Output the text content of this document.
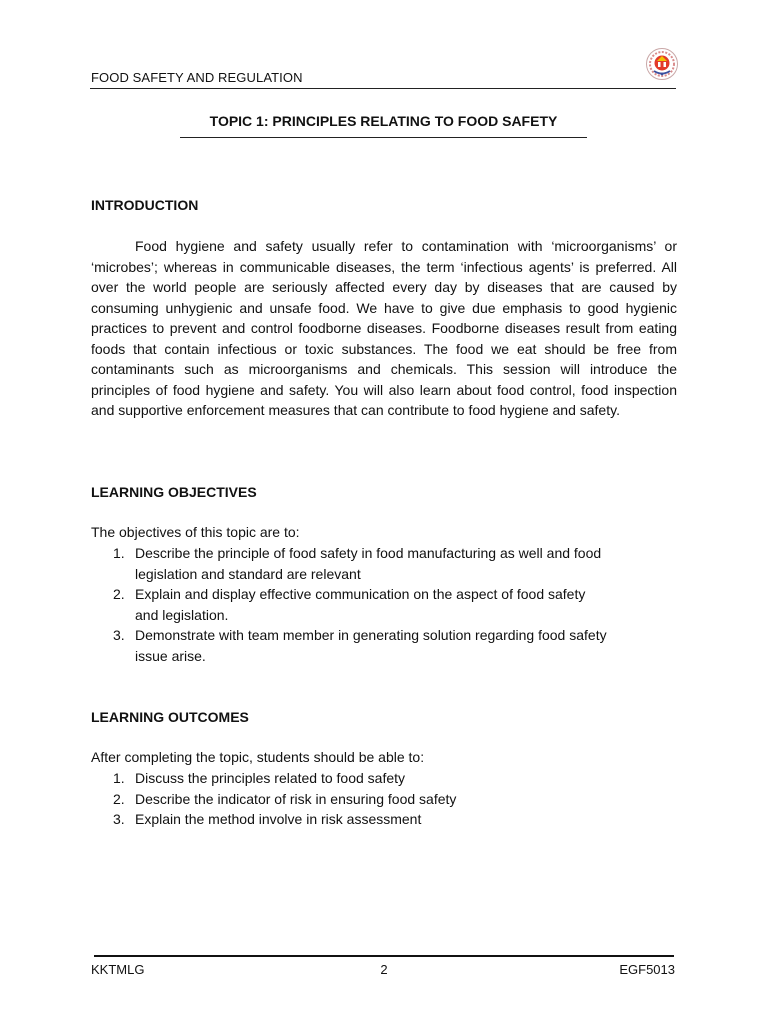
FOOD SAFETY AND REGULATION
TOPIC 1: PRINCIPLES RELATING TO FOOD SAFETY
INTRODUCTION

Food hygiene and safety usually refer to contamination with ‘microorganisms’ or ‘microbes’; whereas in communicable diseases, the term ‘infectious agents’ is preferred. All over the world people are seriously affected every day by diseases that are caused by consuming unhygienic and unsafe food. We have to give due emphasis to good hygienic practices to prevent and control foodborne diseases. Foodborne diseases result from eating foods that contain infectious or toxic substances. The food we eat should be free from contaminants such as microorganisms and chemicals. This session will introduce the principles of food hygiene and safety. You will also learn about food control, food inspection and supportive enforcement measures that can contribute to food hygiene and safety.

LEARNING OBJECTIVES
The objectives of this topic are to:
1. Describe the principle of food safety in food manufacturing as well and food legislation and standard are relevant
2. Explain and display effective communication on the aspect of food safety and legislation.
3. Demonstrate with team member in generating solution regarding food safety issue arise.
LEARNING OUTCOMES
After completing the topic, students should be able to:
1. Discuss the principles related to food safety
2. Describe the indicator of risk in ensuring food safety
3. Explain the method involve in risk assessment
KKTMLG	2	EGF5013
